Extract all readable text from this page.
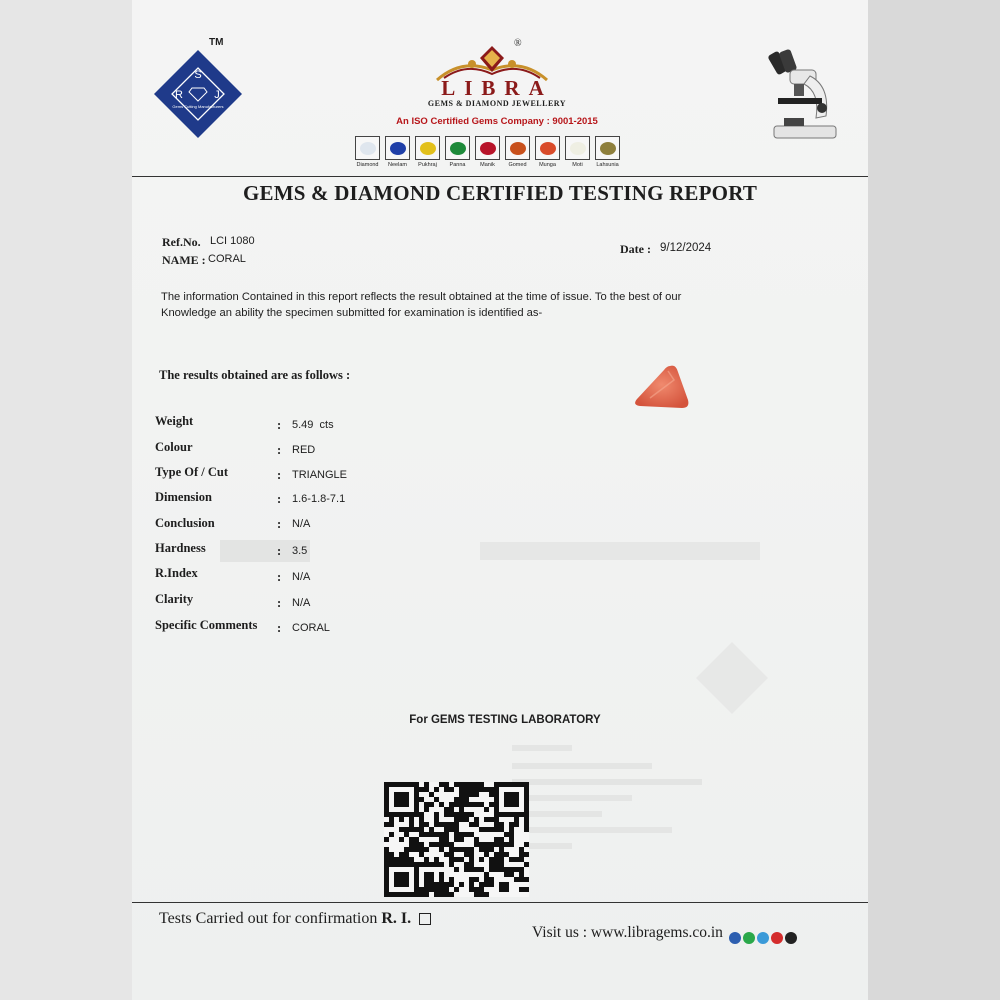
S
R	J
Gems Cutting Manufacturers
TM	®
LIBRA
GEMS & DIAMOND JEWELLERY
An ISO Certified Gems Company : 9001-2015
Diamond Neelam Pukhraj Panna	Manik Gomed Munga	Moti Lahsunia
GEMS & DIAMOND CERTIFIED TESTING REPORT
Ref.No. LCI 1080
NAME : CORAL
Date : 9/12/2024
The information Contained in this report reflects the result obtained at the time of issue. To the best of our
Knowledge an ability the specimen submitted for examination is identified as-
The results obtained are as follows :
Weight	: 5.49  cts
Colour	: RED
Type Of / Cut	: TRIANGLE
Dimension	: 1.6-1.8-7.1
Conclusion	: N/A
Hardness	: 3.5
R.Index	: N/A
Clarity	: N/A
Specific Comments : CORAL
For GEMS TESTING LABORATORY
Tests Carried out for confirmation R. I.
Visit us : www.libragems.co.in
